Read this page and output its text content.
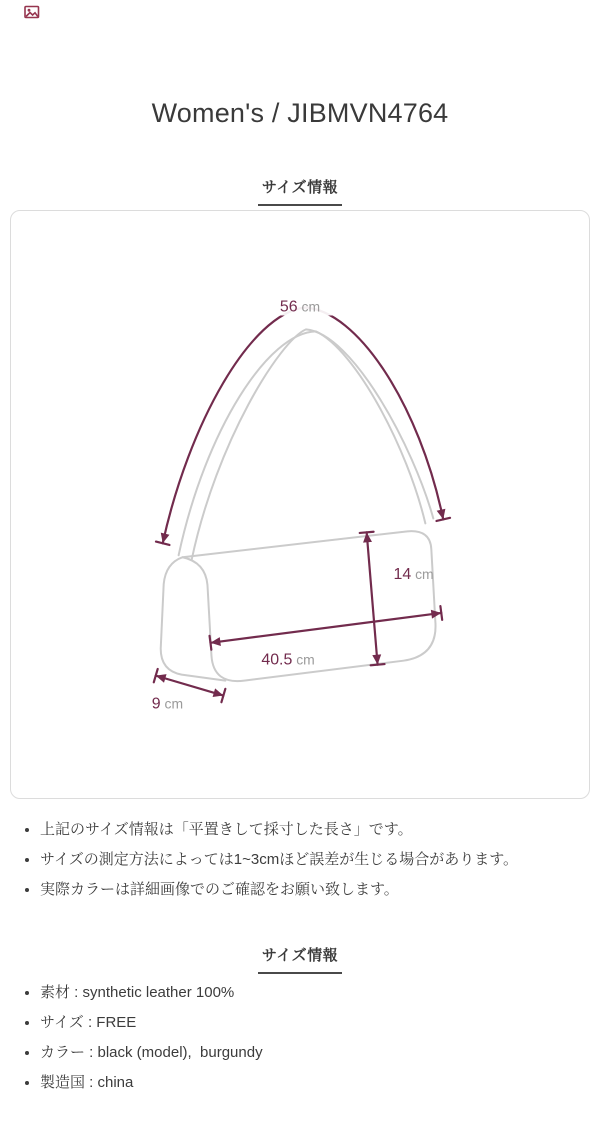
Women's / JIBMVN4764
サイズ情報
56 cm
14 cm
40.5 cm
9 cm
上記のサイズ情報は「平置きして採寸した長さ」です。
サイズの測定方法によっては1~3cmほど誤差が生じる場合があります。
実際カラーは詳細画像でのご確認をお願い致します。
サイズ情報
素材 : synthetic leather 100%
サイズ : FREE
カラー : black (model),  burgundy
製造国 : china
